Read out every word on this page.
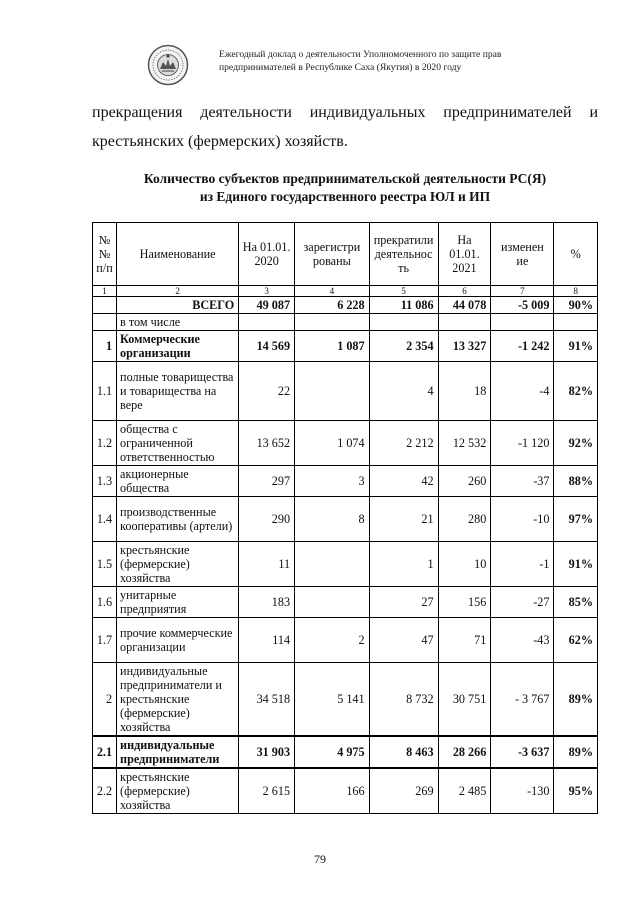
Ежегодный доклад о деятельности Уполномоченного по защите прав
предпринимателей в Республике Саха (Якутия) в 2020 году
прекращения деятельности индивидуальных предпринимателей и
крестьянских (фермерских) хозяйств.
Количество субъектов предпринимательской деятельности РС(Я)
из Единого государственного реестра ЮЛ и ИП
№ № п/п	Наименование	На 01.01. 2020	зарегистри рованы	прекратили деятельнос ть	На 01.01. 2021	изменен ие	%
1	2	3	4	5	6	7	8
	ВСЕГО	49 087	6 228	11 086	44 078	-5 009	90%
	в том числе						
1	Коммерческие организации	14 569	1 087	2 354	13 327	-1 242	91%
1.1	полные товарищества и товарищества на вере	22		4	18	-4	82%
1.2	общества с ограниченной ответственностью	13 652	1 074	2 212	12 532	-1 120	92%
1.3	акционерные общества	297	3	42	260	-37	88%
1.4	производственные кооперативы (артели)	290	8	21	280	-10	97%
1.5	крестьянские (фермерские) хозяйства	11		1	10	-1	91%
1.6	унитарные предприятия	183		27	156	-27	85%
1.7	прочие коммерческие организации	114	2	47	71	-43	62%
2	индивидуальные предприниматели и крестьянские (фермерские) хозяйства	34 518	5 141	8 732	30 751	- 3 767	89%
2.1	индивидуальные предприниматели	31 903	4 975	8 463	28 266	-3 637	89%
2.2	крестьянские (фермерские) хозяйства	2 615	166	269	2 485	-130	95%
79
